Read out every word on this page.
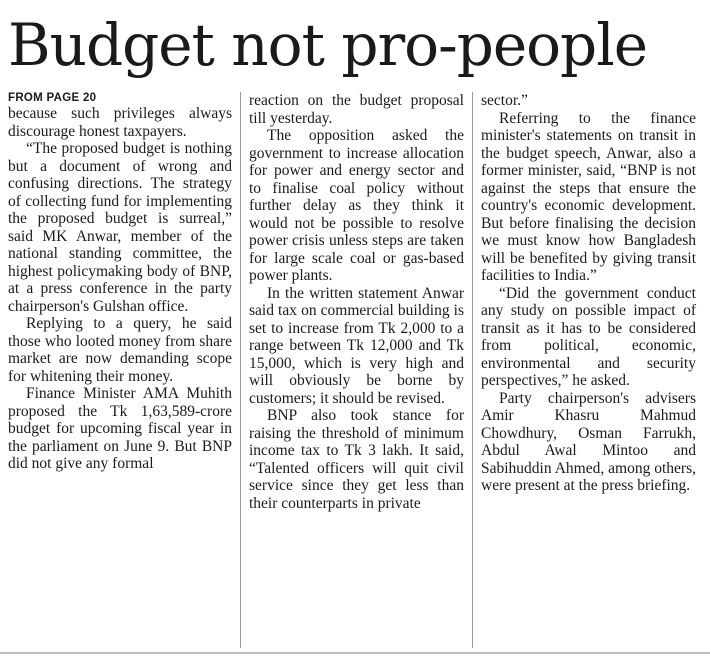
Budget not pro-people
FROM PAGE 20

because such privileges always discourage honest taxpayers.

“The proposed budget is nothing but a document of wrong and confusing directions. The strategy of collecting fund for implementing the proposed budget is surreal,” said MK Anwar, member of the national standing committee, the highest policymaking body of BNP, at a press conference in the party chairperson's Gulshan office.

Replying to a query, he said those who looted money from share market are now demanding scope for whitening their money.

Finance Minister AMA Muhith proposed the Tk 1,63,589-crore budget for upcoming fiscal year in the parliament on June 9. But BNP did not give any formal

reaction on the budget proposal till yesterday.

The opposition asked the government to increase allocation for power and energy sector and to finalise coal policy without further delay as they think it would not be possible to resolve power crisis unless steps are taken for large scale coal or gas-based power plants.

In the written statement Anwar said tax on commercial building is set to increase from Tk 2,000 to a range between Tk 12,000 and Tk 15,000, which is very high and will obviously be borne by customers; it should be revised.

BNP also took stance for raising the threshold of minimum income tax to Tk 3 lakh. It said, “Talented officers will quit civil service since they get less than their counterparts in private

sector.”

Referring to the finance minister's statements on transit in the budget speech, Anwar, also a former minister, said, “BNP is not against the steps that ensure the country's economic development. But before finalising the decision we must know how Bangladesh will be benefited by giving transit facilities to India.”

“Did the government conduct any study on possible impact of transit as it has to be considered from political, economic, environmental and security perspectives,” he asked.

Party chairperson's advisers Amir Khasru Mahmud Chowdhury, Osman Farrukh, Abdul Awal Mintoo and Sabihuddin Ahmed, among others, were present at the press briefing.
